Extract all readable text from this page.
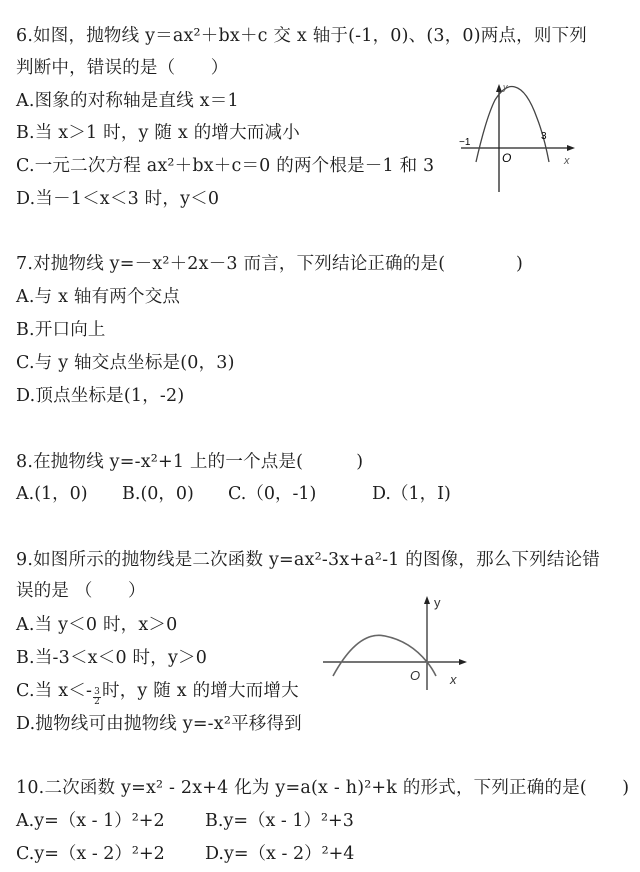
6.如图，抛物线 y＝ax²＋bx＋c 交 x 轴于(-1，0)、(3，0)两点，则下列
判断中，错误的是（　　）
A.图象的对称轴是直线 x＝1
B.当 x＞1 时，y 随 x 的增大而减小
C.一元二次方程 ax²＋bx＋c＝0 的两个根是－1 和 3
D.当－1＜x＜3 时，y＜0
−1
3
O	x
y
7.对抛物线 y=－x²＋2x－3 而言，下列结论正确的是(　　　　)
A.与 x 轴有两个交点
B.开口向上
C.与 y 轴交点坐标是(0，3)
D.顶点坐标是(1，-2)
8.在抛物线 y=-x²+1 上的一个点是(　　　)
A.(1，0) B.(0，0) C.（0，-1)	D.（1，I)
9.如图所示的抛物线是二次函数 y=ax²-3x+a²-1 的图像，那么下列结论错
误的是 （　　）
A.当 y＜0 时，x＞0
B.当-3＜x＜0 时，y＞0
C.当 $x<- \frac{3}{2}$ 时，y 随 x 的增大而增大
D.抛物线可由抛物线 y=-x²平移得到
O x
y
10.二次函数 y=x² - 2x+4 化为 y=a(x - h)²+k 的形式，下列正确的是(　　)
A.y=（x - 1）²+2 B.y=（x - 1）²+3
C.y=（x - 2）²+2 D.y=（x - 2）²+4
